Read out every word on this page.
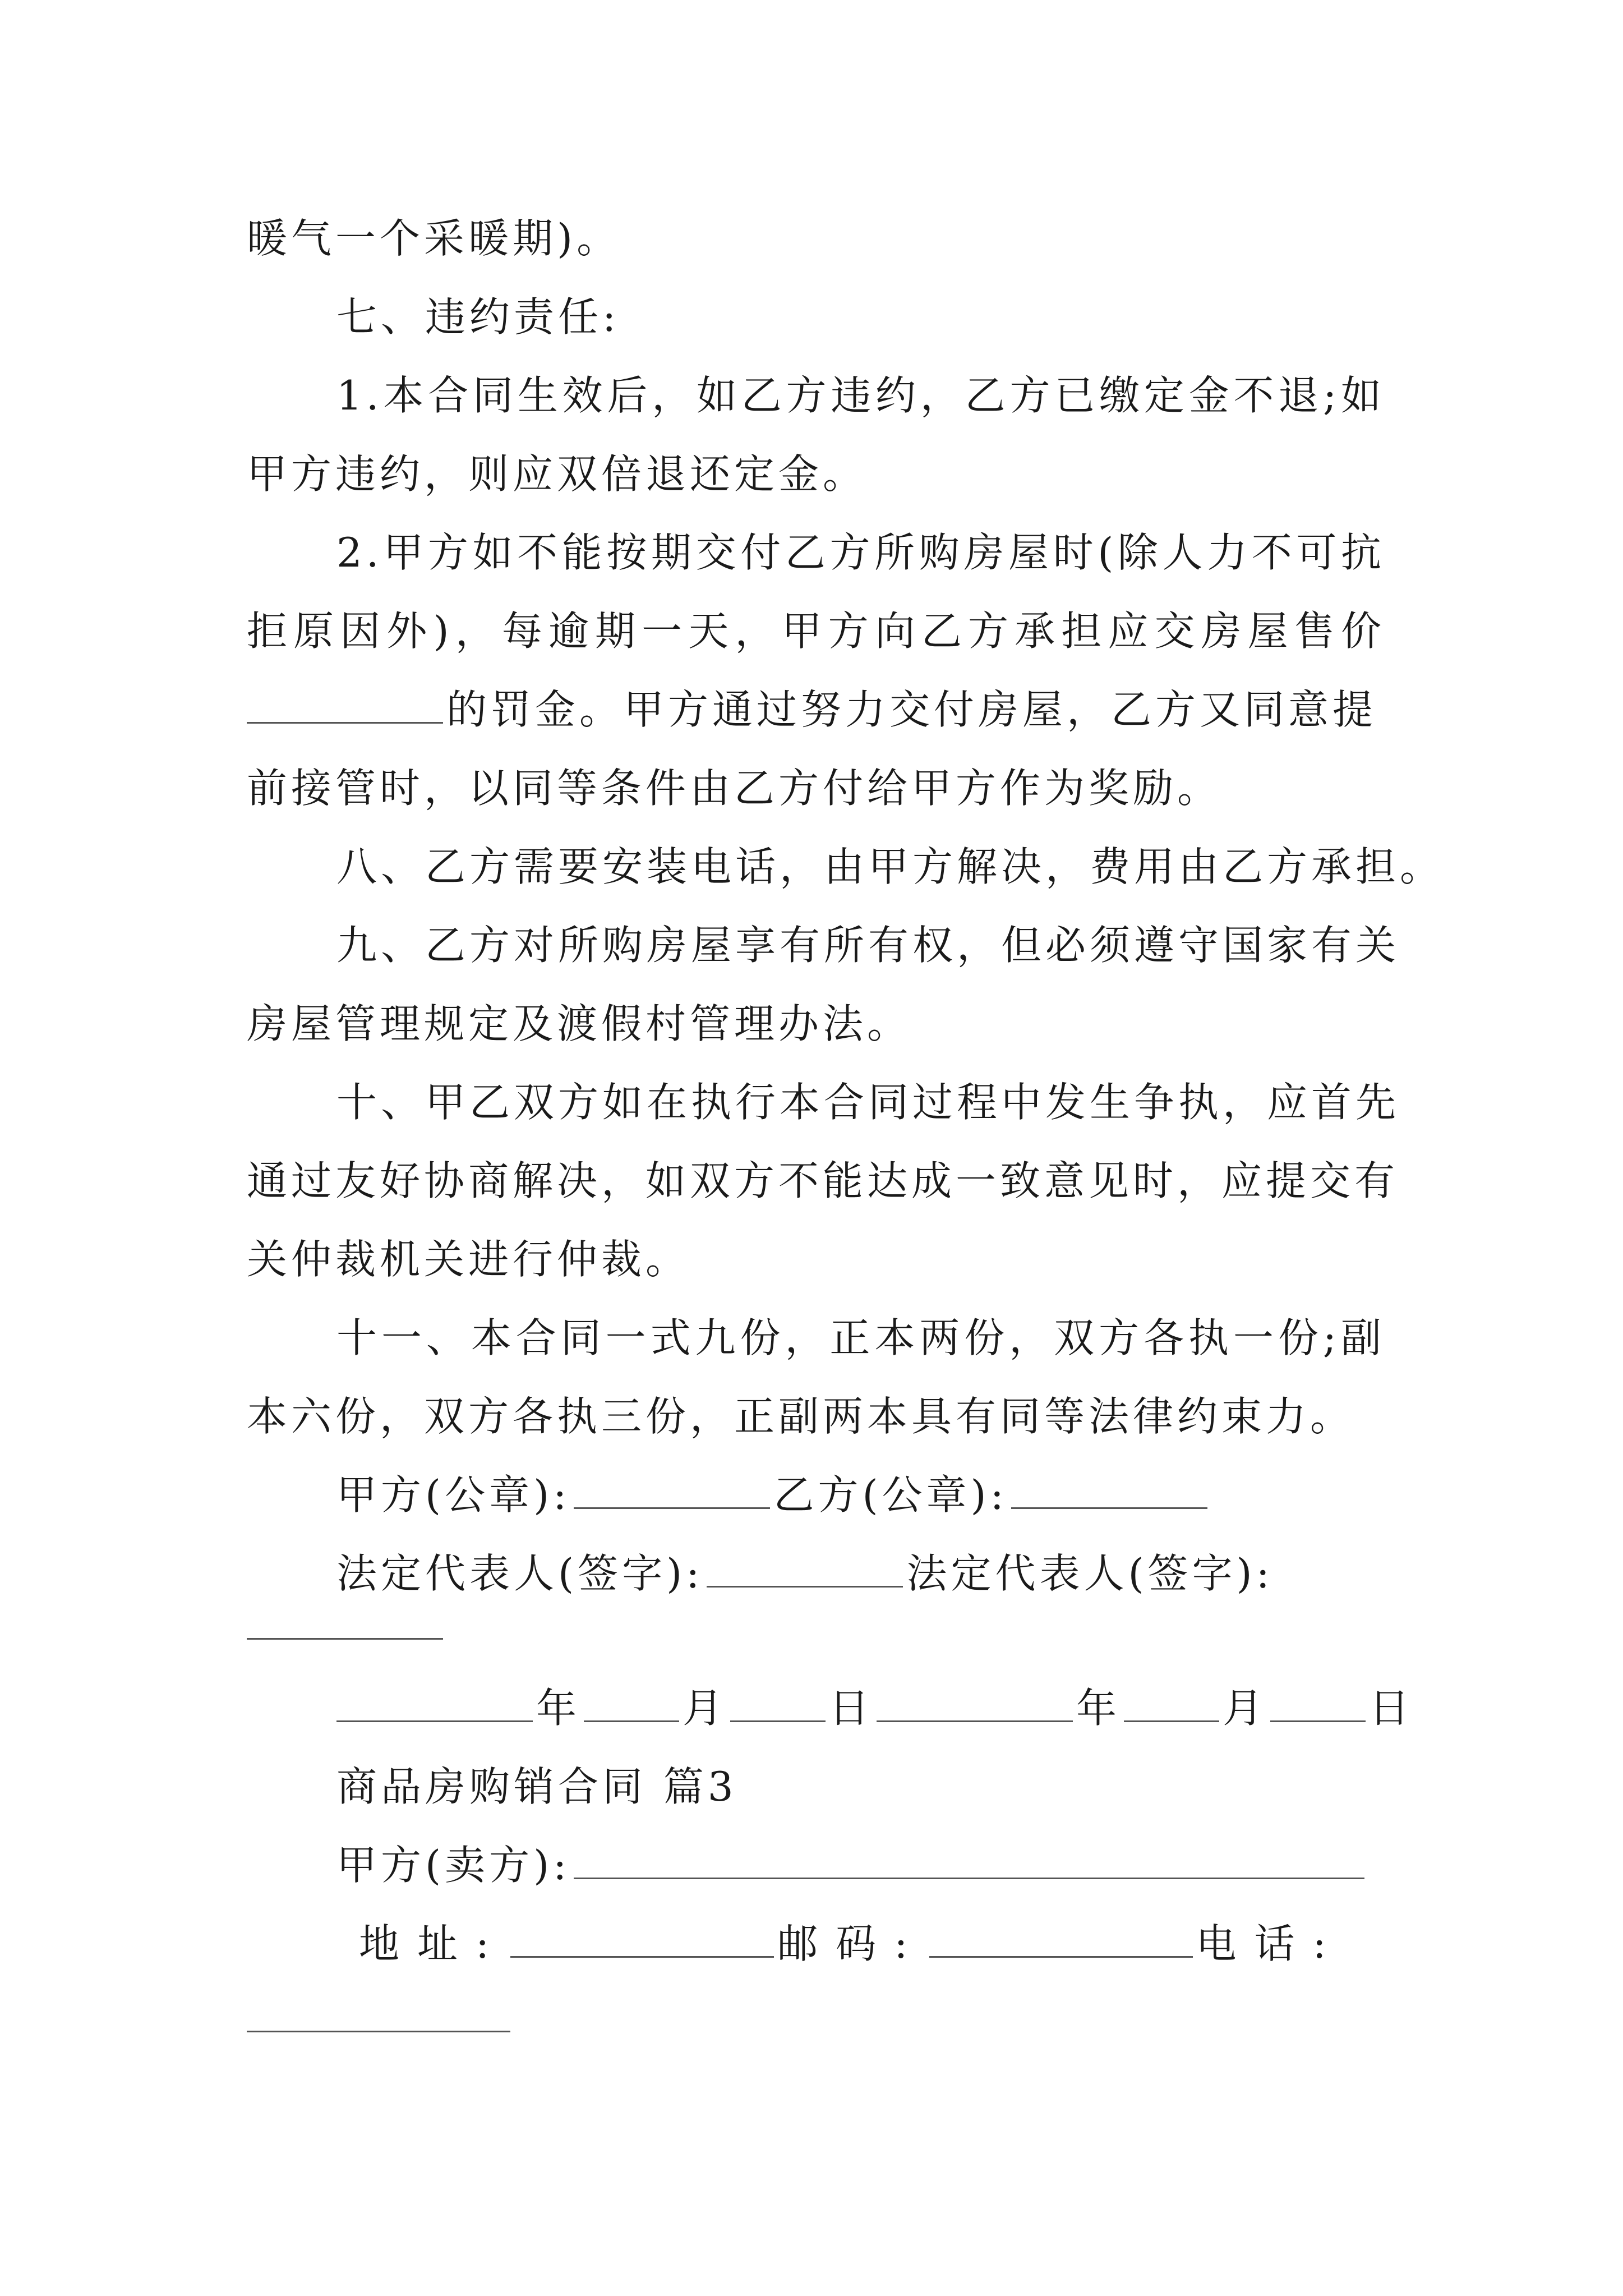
暖气一个采暖期)。
七、违约责任:
1.本合同生效后，如乙方违约，乙方已缴定金不退;如
甲方违约，则应双倍退还定金。
2.甲方如不能按期交付乙方所购房屋时(除人力不可抗
拒原因外)，每逾期一天，甲方向乙方承担应交房屋售价
的罚金。甲方通过努力交付房屋，乙方又同意提
前接管时，以同等条件由乙方付给甲方作为奖励。
八、乙方需要安装电话，由甲方解决，费用由乙方承担。
九、乙方对所购房屋享有所有权，但必须遵守国家有关
房屋管理规定及渡假村管理办法。
十、甲乙双方如在执行本合同过程中发生争执，应首先
通过友好协商解决，如双方不能达成一致意见时，应提交有
关仲裁机关进行仲裁。
十一、本合同一式九份，正本两份，双方各执一份;副
本六份，双方各执三份，正副两本具有同等法律约束力。
甲方(公章):	乙方(公章):
法定代表人(签字):	法定代表人(签字):
年	月	日	年	月	日
商品房购销合同 篇3
甲方(卖方):
地址:	邮码:	电话:
